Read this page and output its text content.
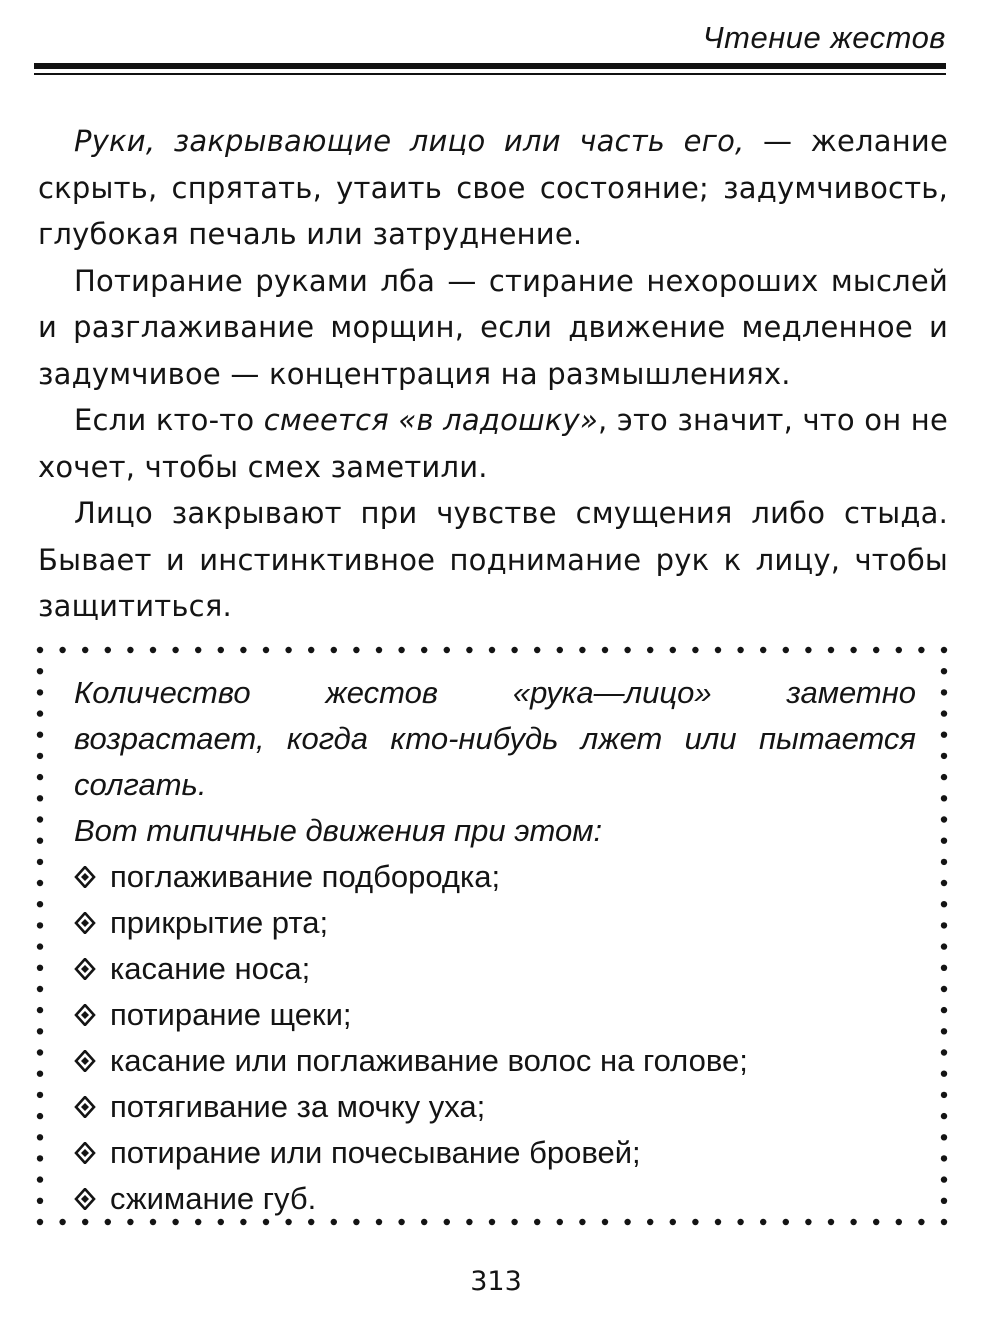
Чтение жестов

Руки, закрывающие лицо или часть его, — желание скрыть, спрятать, утаить свое состояние; задумчивость, глубокая печаль или затруднение.

Потирание руками лба — стирание нехороших мыслей и разглаживание морщин, если движение медленное и задумчивое — концентрация на размышлениях.

Если кто-то смеется «в ладошку», это значит, что он не хочет, чтобы смех заметили.

Лицо закрывают при чувстве смущения либо стыда. Бывает и инстинктивное поднимание рук к лицу, чтобы защититься.

Количество жестов «рука—лицо» заметно возрастает, когда кто-нибудь лжет или пытается солгать.

Вот типичные движения при этом:

поглаживание подбородка;
прикрытие рта;
касание носа;
потирание щеки;
касание или поглаживание волос на голове;
потягивание за мочку уха;
потирание или почесывание бровей;
сжимание губ.
313
